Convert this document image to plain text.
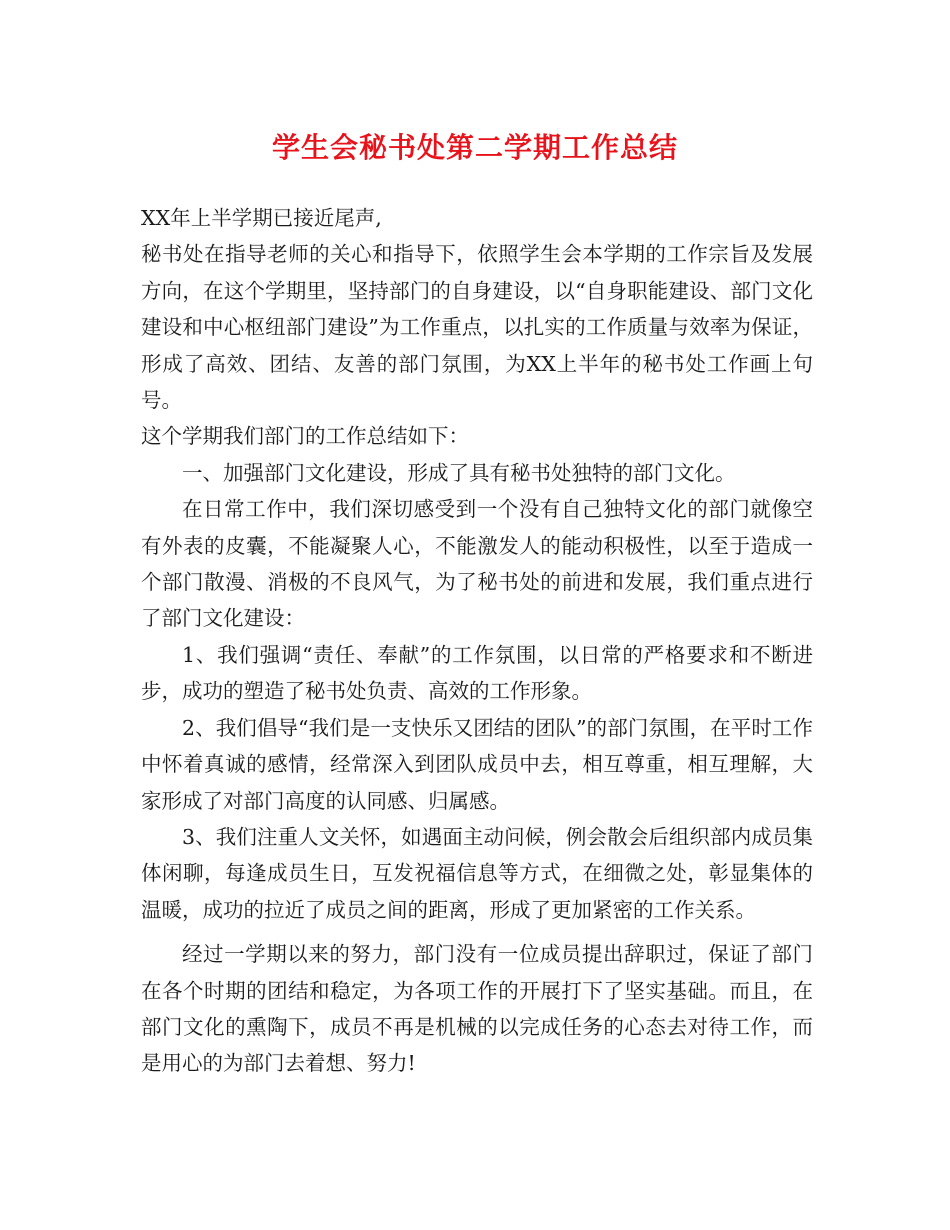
学生会秘书处第二学期工作总结

XX年上半学期已接近尾声,

秘书处在指导老师的关心和指导下，依照学生会本学期的工作宗旨及发展方向，在这个学期里，坚持部门的自身建设，以“自身职能建设、部门文化建设和中心枢纽部门建设”为工作重点，以扎实的工作质量与效率为保证，形成了高效、团结、友善的部门氛围，为XX上半年的秘书处工作画上句号。

这个学期我们部门的工作总结如下：

一、加强部门文化建设，形成了具有秘书处独特的部门文化。

在日常工作中，我们深切感受到一个没有自己独特文化的部门就像空有外表的皮囊，不能凝聚人心，不能激发人的能动积极性，以至于造成一个部门散漫、消极的不良风气，为了秘书处的前进和发展，我们重点进行了部门文化建设：

1、我们强调“责任、奉献”的工作氛围，以日常的严格要求和不断进步，成功的塑造了秘书处负责、高效的工作形象。

2、我们倡导“我们是一支快乐又团结的团队”的部门氛围，在平时工作中怀着真诚的感情，经常深入到团队成员中去，相互尊重，相互理解，大家形成了对部门高度的认同感、归属感。

3、我们注重人文关怀，如遇面主动问候，例会散会后组织部内成员集体闲聊，每逢成员生日，互发祝福信息等方式，在细微之处，彰显集体的温暖，成功的拉近了成员之间的距离，形成了更加紧密的工作关系。

经过一学期以来的努力，部门没有一位成员提出辞职过，保证了部门在各个时期的团结和稳定，为各项工作的开展打下了坚实基础。而且，在部门文化的熏陶下，成员不再是机械的以完成任务的心态去对待工作，而是用心的为部门去着想、努力!
